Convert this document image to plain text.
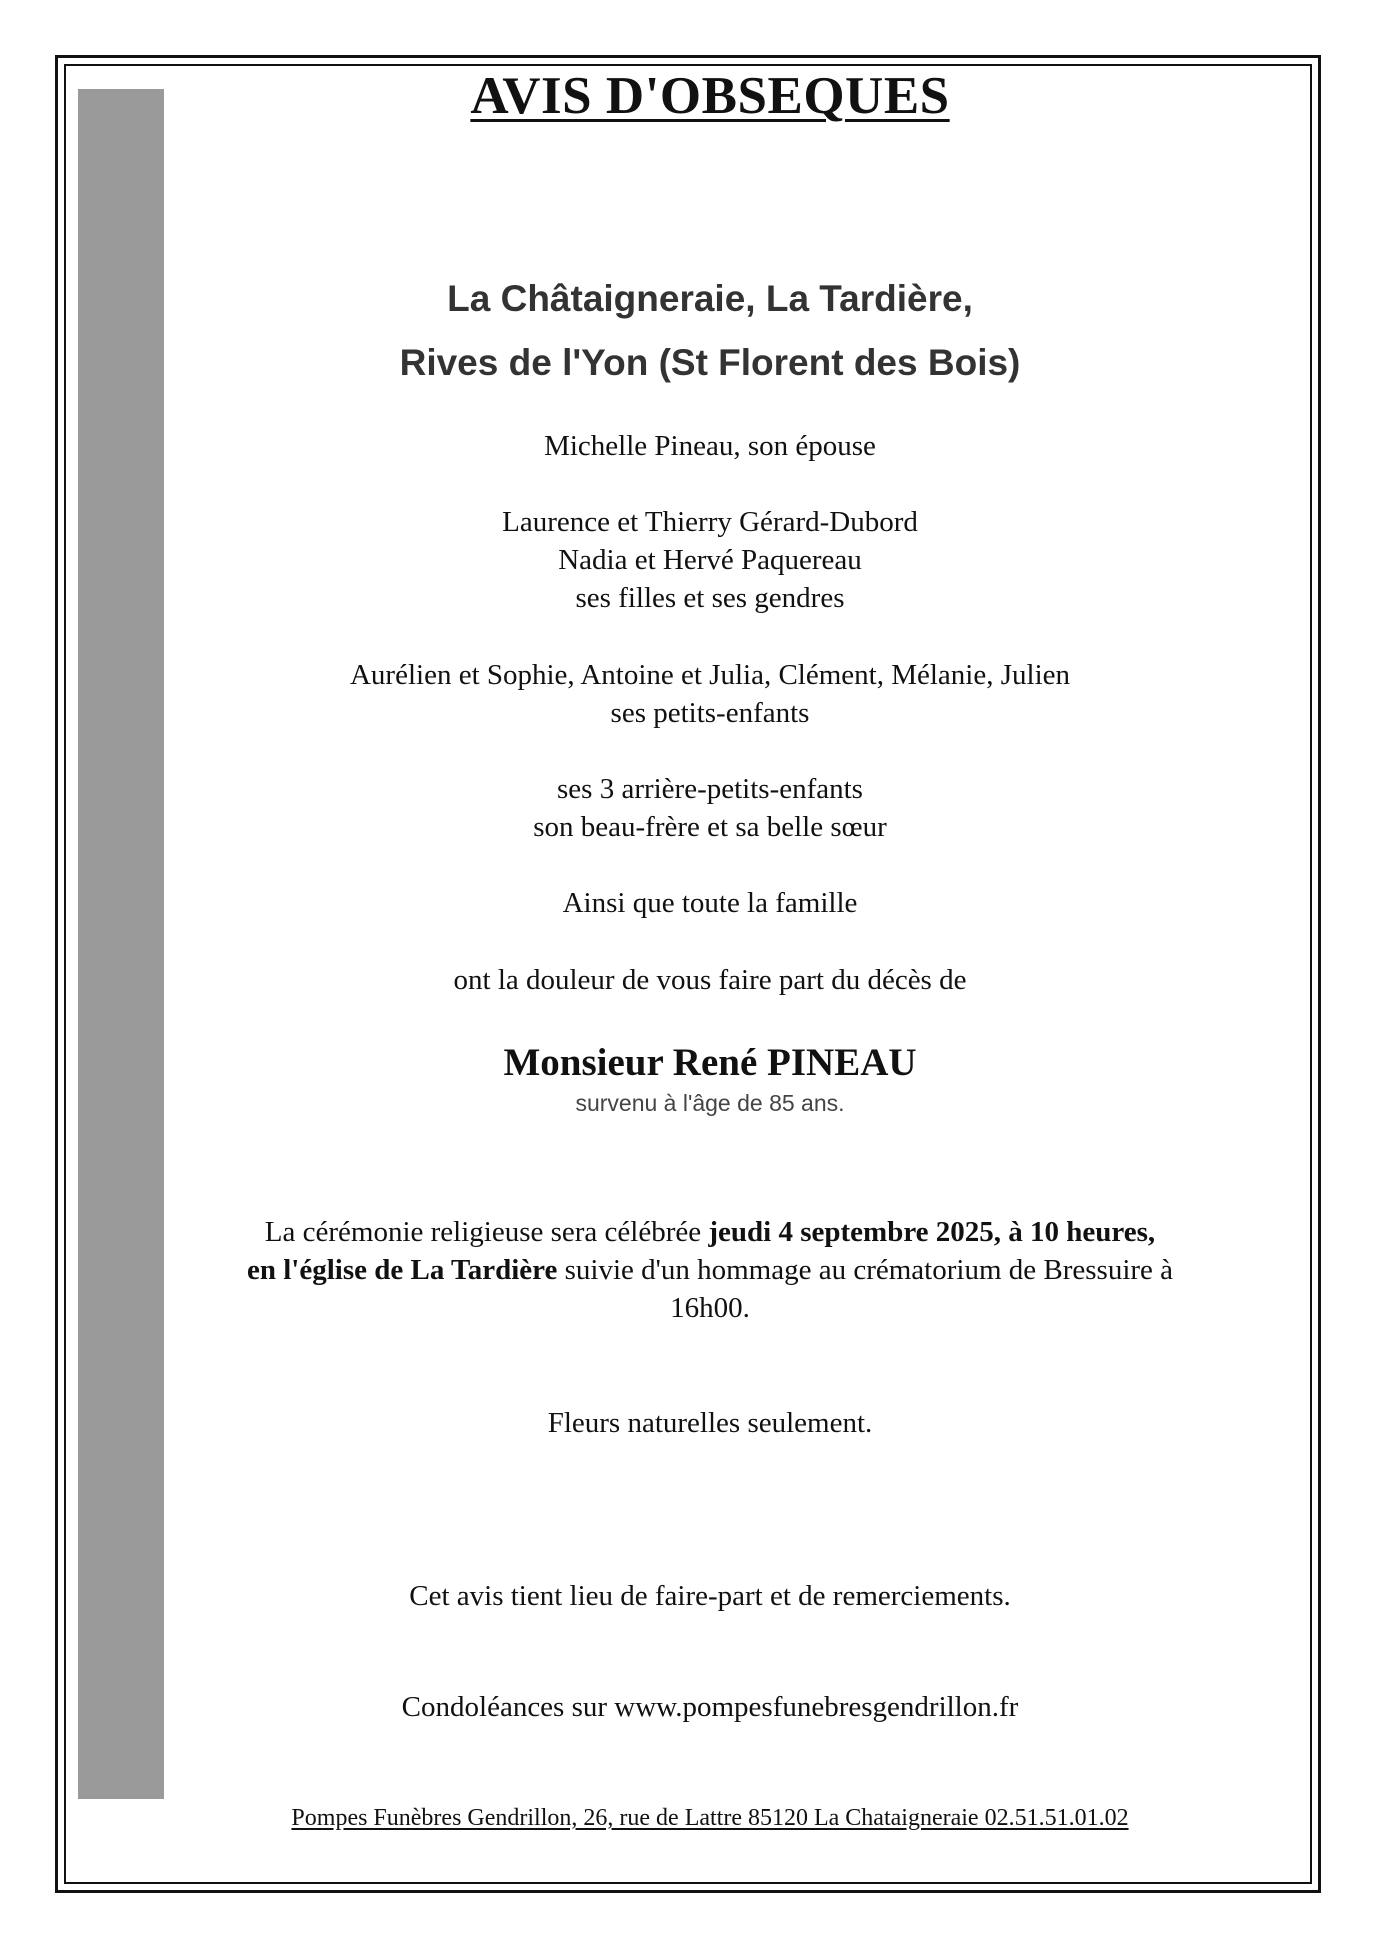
AVIS D'OBSEQUES
La Châtaigneraie, La Tardière,
Rives de l'Yon (St Florent des Bois)
Michelle Pineau, son épouse
Laurence et Thierry Gérard-Dubord
Nadia et Hervé Paquereau
ses filles et ses gendres
Aurélien et Sophie, Antoine et Julia, Clément, Mélanie, Julien
ses petits-enfants
ses 3 arrière-petits-enfants
son beau-frère et sa belle sœur
Ainsi que toute la famille
ont la douleur de vous faire part du décès de
Monsieur René PINEAU
survenu à l'âge de 85 ans.
La cérémonie religieuse sera célébrée jeudi 4 septembre 2025, à 10 heures,
en l'église de La Tardière suivie d'un hommage au crématorium de Bressuire à
16h00.
Fleurs naturelles seulement.
Cet avis tient lieu de faire-part et de remerciements.
Condoléances sur www.pompesfunebresgendrillon.fr
Pompes Funèbres Gendrillon, 26, rue de Lattre 85120 La Chataigneraie 02.51.51.01.02
